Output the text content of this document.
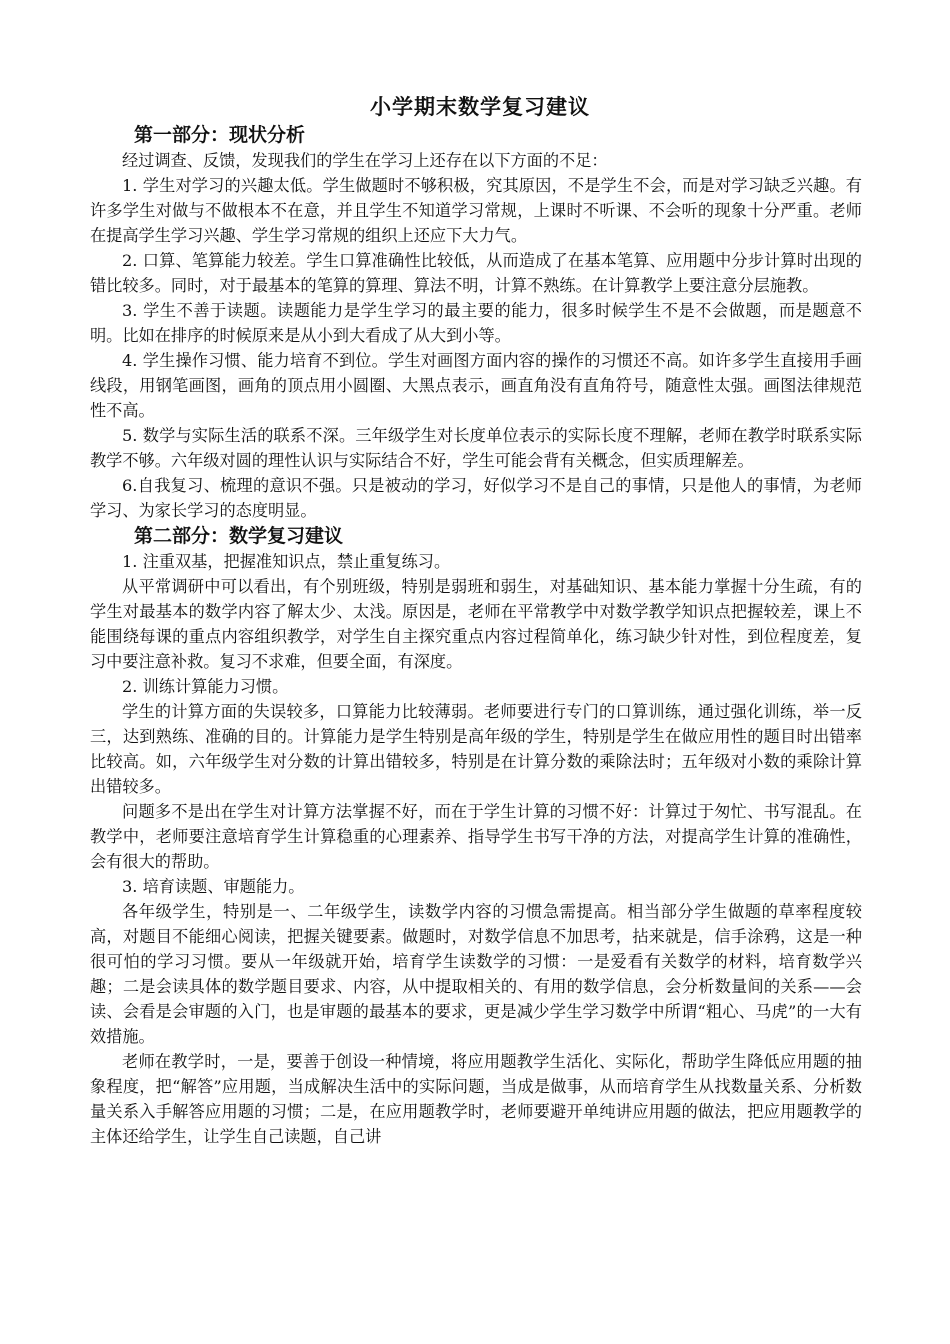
小学期末数学复习建议
第一部分：现状分析

经过调查、反馈，发现我们的学生在学习上还存在以下方面的不足：

1. 学生对学习的兴趣太低。学生做题时不够积极，究其原因，不是学生不会，而是对学习缺乏兴趣。有许多学生对做与不做根本不在意，并且学生不知道学习常规，上课时不听课、不会听的现象十分严重。老师在提高学生学习兴趣、学生学习常规的组织上还应下大力气。

2. 口算、笔算能力较差。学生口算准确性比较低，从而造成了在基本笔算、应用题中分步计算时出现的错比较多。同时，对于最基本的笔算的算理、算法不明，计算不熟练。在计算教学上要注意分层施教。

3. 学生不善于读题。读题能力是学生学习的最主要的能力，很多时候学生不是不会做题，而是题意不明。比如在排序的时候原来是从小到大看成了从大到小等。

4. 学生操作习惯、能力培育不到位。学生对画图方面内容的操作的习惯还不高。如许多学生直接用手画线段，用钢笔画图，画角的顶点用小圆圈、大黑点表示，画直角没有直角符号，随意性太强。画图法律规范性不高。

5. 数学与实际生活的联系不深。三年级学生对长度单位表示的实际长度不理解，老师在教学时联系实际教学不够。六年级对圆的理性认识与实际结合不好，学生可能会背有关概念，但实质理解差。

6.自我复习、梳理的意识不强。只是被动的学习，好似学习不是自己的事情，只是他人的事情，为老师学习、为家长学习的态度明显。

第二部分：数学复习建议

1. 注重双基，把握准知识点，禁止重复练习。

从平常调研中可以看出，有个别班级，特别是弱班和弱生，对基础知识、基本能力掌握十分生疏，有的学生对最基本的数学内容了解太少、太浅。原因是，老师在平常教学中对数学教学知识点把握较差，课上不能围绕每课的重点内容组织教学，对学生自主探究重点内容过程简单化，练习缺少针对性，到位程度差，复习中要注意补救。复习不求难，但要全面，有深度。

2. 训练计算能力习惯。

学生的计算方面的失误较多，口算能力比较薄弱。老师要进行专门的口算训练，通过强化训练，举一反三，达到熟练、准确的目的。计算能力是学生特别是高年级的学生，特别是学生在做应用性的题目时出错率比较高。如，六年级学生对分数的计算出错较多，特别是在计算分数的乘除法时；五年级对小数的乘除计算出错较多。

问题多不是出在学生对计算方法掌握不好，而在于学生计算的习惯不好：计算过于匆忙、书写混乱。在教学中，老师要注意培育学生计算稳重的心理素养、指导学生书写干净的方法，对提高学生计算的准确性，会有很大的帮助。

3. 培育读题、审题能力。

各年级学生，特别是一、二年级学生，读数学内容的习惯急需提高。相当部分学生做题的草率程度较高，对题目不能细心阅读，把握关键要素。做题时，对数学信息不加思考，拈来就是，信手涂鸦，这是一种很可怕的学习习惯。要从一年级就开始，培育学生读数学的习惯：一是爱看有关数学的材料，培育数学兴趣；二是会读具体的数学题目要求、内容，从中提取相关的、有用的数学信息，会分析数量间的关系——会读、会看是会审题的入门，也是审题的最基本的要求，更是减少学生学习数学中所谓“粗心、马虎”的一大有效措施。

老师在教学时，一是，要善于创设一种情境，将应用题教学生活化、实际化，帮助学生降低应用题的抽象程度，把“解答”应用题，当成解决生活中的实际问题，当成是做事，从而培育学生从找数量关系、分析数量关系入手解答应用题的习惯；二是，在应用题教学时，老师要避开单纯讲应用题的做法，把应用题教学的主体还给学生，让学生自己读题，自己讲
